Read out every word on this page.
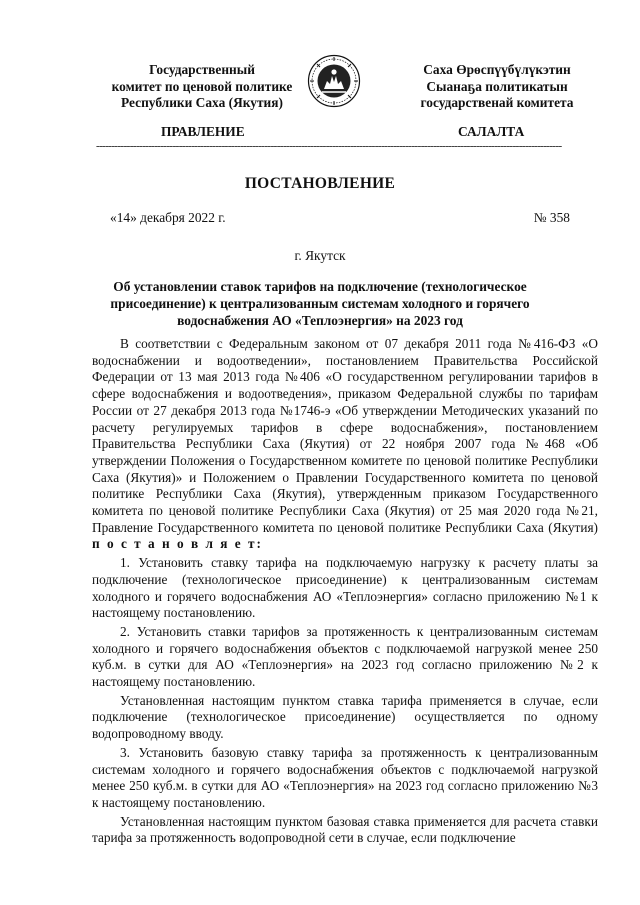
Государственный
комитет по ценовой политике
Республики Саха (Якутия)
Саха Өрөспүүбүлүкэтин
Сыанаҕа политикатын
государственай комитета
ПРАВЛЕНИЕ	САЛАЛТА
--------------------------------------------------------------------------------------------------------------------------------------------------------
ПОСТАНОВЛЕНИЕ
«14» декабря 2022 г.	№ 358
г. Якутск
Об установлении ставок тарифов на подключение (технологическое присоединение) к централизованным системам холодного и горячего водоснабжения АО «Теплоэнергия» на 2023 год

В соответствии с Федеральным законом от 07 декабря 2011 года №416-ФЗ «О водоснабжении и водоотведении», постановлением Правительства Российской Федерации от 13 мая 2013 года №406 «О государственном регулировании тарифов в сфере водоснабжения и водоотведения», приказом Федеральной службы по тарифам России от 27 декабря 2013 года №1746-э «Об утверждении Методических указаний по расчету регулируемых тарифов в сфере водоснабжения», постановлением Правительства Республики Саха (Якутия) от 22 ноября 2007 года №468 «Об утверждении Положения о Государственном комитете по ценовой политике Республики Саха (Якутия)» и Положением о Правлении Государственного комитета по ценовой политике Республики Саха (Якутия), утвержденным приказом Государственного комитета по ценовой политике Республики Саха (Якутия) от 25 мая 2020 года №21, Правление Государственного комитета по ценовой политике Республики Саха (Якутия) п о с т а н о в л я е т:

1. Установить ставку тарифа на подключаемую нагрузку к расчету платы за подключение (технологическое присоединение) к централизованным системам холодного и горячего водоснабжения АО «Теплоэнергия» согласно приложению №1 к настоящему постановлению.

2. Установить ставки тарифов за протяженность к централизованным системам холодного и горячего водоснабжения объектов с подключаемой нагрузкой менее 250 куб.м. в сутки для АО «Теплоэнергия» на 2023 год согласно приложению №2 к настоящему постановлению.

Установленная настоящим пунктом ставка тарифа применяется в случае, если подключение (технологическое присоединение) осуществляется по одному водопроводному вводу.

3. Установить базовую ставку тарифа за протяженность к централизованным системам холодного и горячего водоснабжения объектов с подключаемой нагрузкой менее 250 куб.м. в сутки для АО «Теплоэнергия» на 2023 год согласно приложению №3 к настоящему постановлению.

Установленная настоящим пунктом базовая ставка применяется для расчета ставки тарифа за протяженность водопроводной сети в случае, если подключение
